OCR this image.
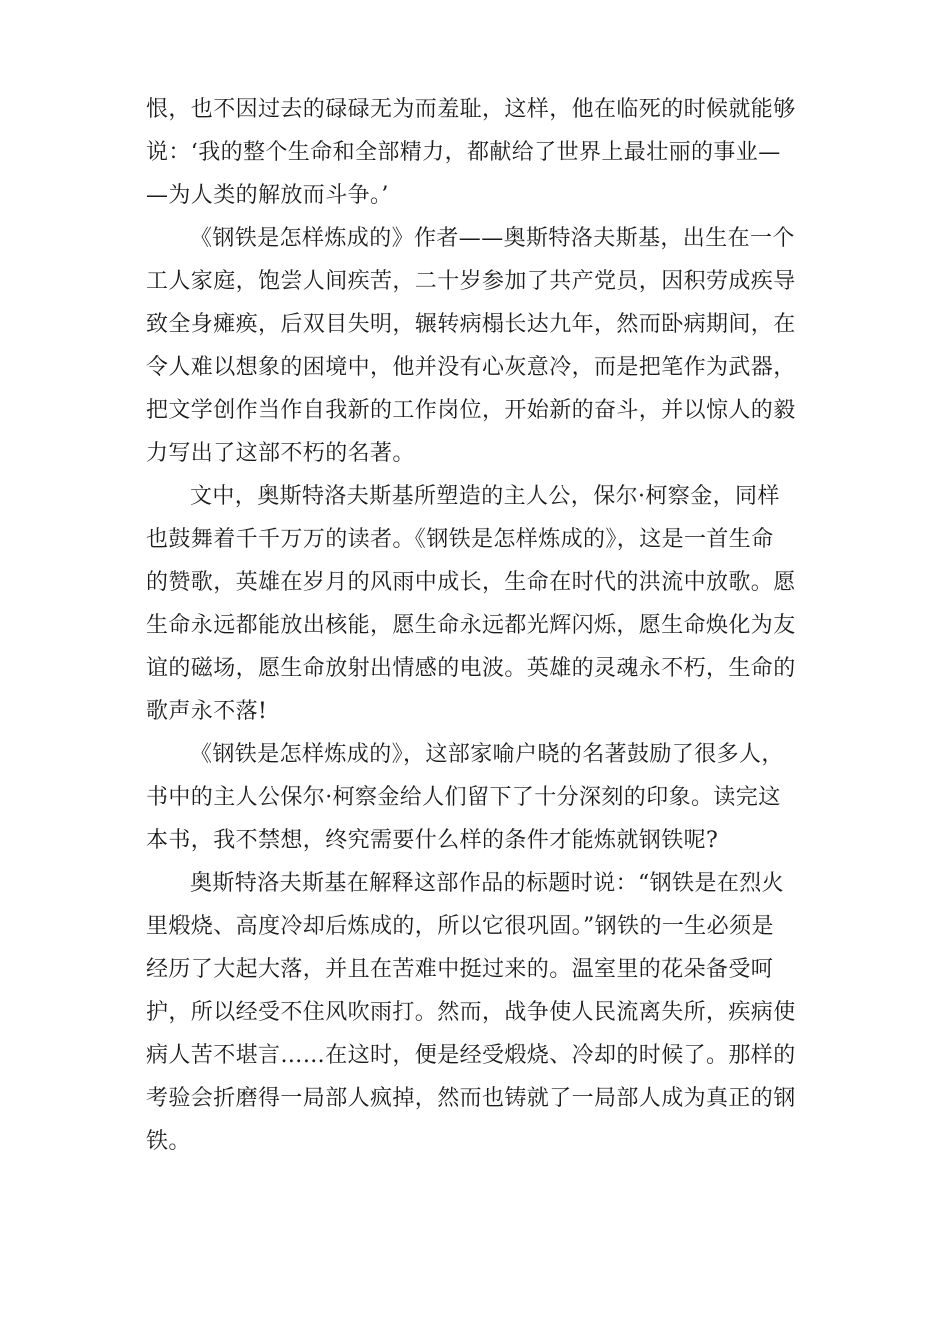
恨，也不因过去的碌碌无为而羞耻，这样，他在临死的时候就能够
说：‘我的整个生命和全部精力，都献给了世界上最壮丽的事业—
—为人类的解放而斗争。’
《钢铁是怎样炼成的》作者——奥斯特洛夫斯基，出生在一个
工人家庭，饱尝人间疾苦，二十岁参加了共产党员，因积劳成疾导
致全身瘫痪，后双目失明，辗转病榻长达九年，然而卧病期间，在
令人难以想象的困境中，他并没有心灰意冷，而是把笔作为武器，
把文学创作当作自我新的工作岗位，开始新的奋斗，并以惊人的毅
力写出了这部不朽的名著。
文中，奥斯特洛夫斯基所塑造的主人公，保尔·柯察金，同样
也鼓舞着千千万万的读者。《钢铁是怎样炼成的》，这是一首生命
的赞歌，英雄在岁月的风雨中成长，生命在时代的洪流中放歌。愿
生命永远都能放出核能，愿生命永远都光辉闪烁，愿生命焕化为友
谊的磁场，愿生命放射出情感的电波。英雄的灵魂永不朽，生命的
歌声永不落!
《钢铁是怎样炼成的》，这部家喻户晓的名著鼓励了很多人，
书中的主人公保尔·柯察金给人们留下了十分深刻的印象。读完这
本书，我不禁想，终究需要什么样的条件才能炼就钢铁呢?
奥斯特洛夫斯基在解释这部作品的标题时说：“钢铁是在烈火
里煅烧、高度冷却后炼成的，所以它很巩固。”钢铁的一生必须是
经历了大起大落，并且在苦难中挺过来的。温室里的花朵备受呵
护，所以经受不住风吹雨打。然而，战争使人民流离失所，疾病使
病人苦不堪言……在这时，便是经受煅烧、冷却的时候了。那样的
考验会折磨得一局部人疯掉，然而也铸就了一局部人成为真正的钢
铁。
